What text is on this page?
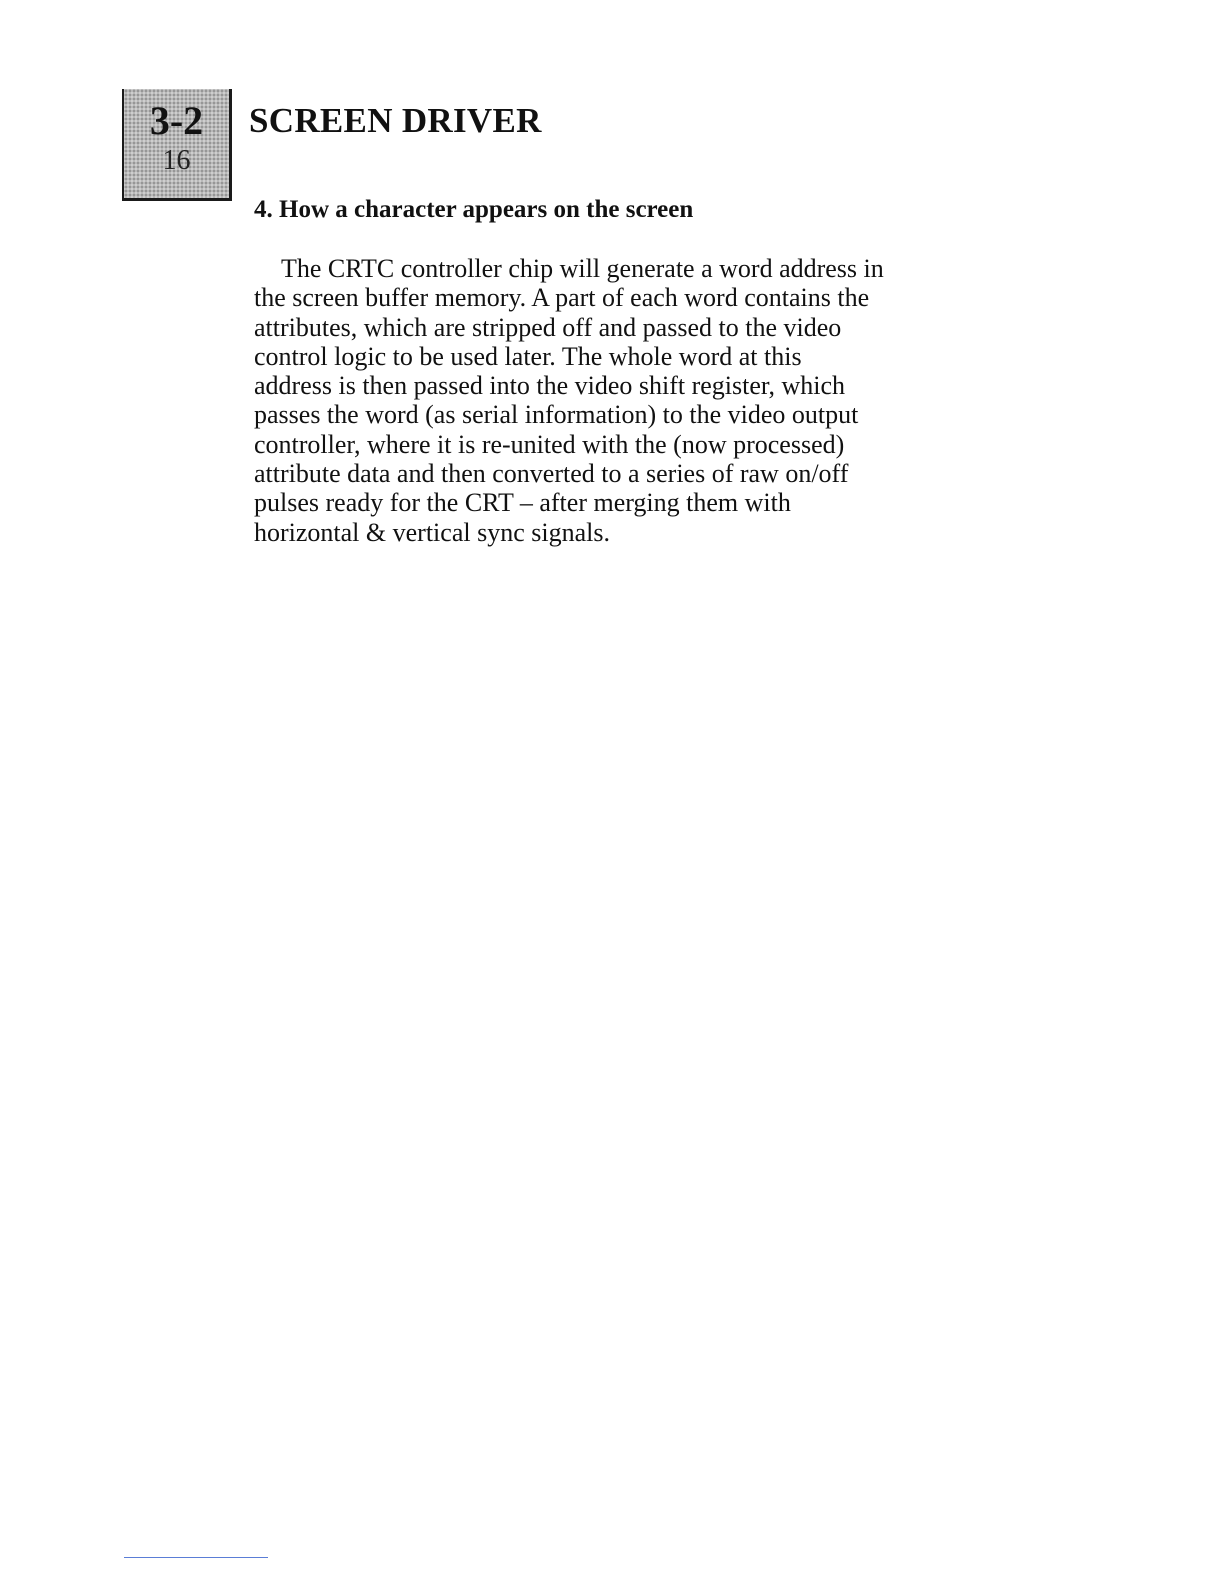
3-2
16
SCREEN DRIVER
4. How a character appears on the screen
The CRTC controller chip will generate a word address in
the screen buffer memory. A part of each word contains the
attributes, which are stripped off and passed to the video
control logic to be used later. The whole word at this
address is then passed into the video shift register, which
passes the word (as serial information) to the video output
controller, where it is re-united with the (now processed)
attribute data and then converted to a series of raw on/off
pulses ready for the CRT – after merging them with
horizontal & vertical sync signals.
